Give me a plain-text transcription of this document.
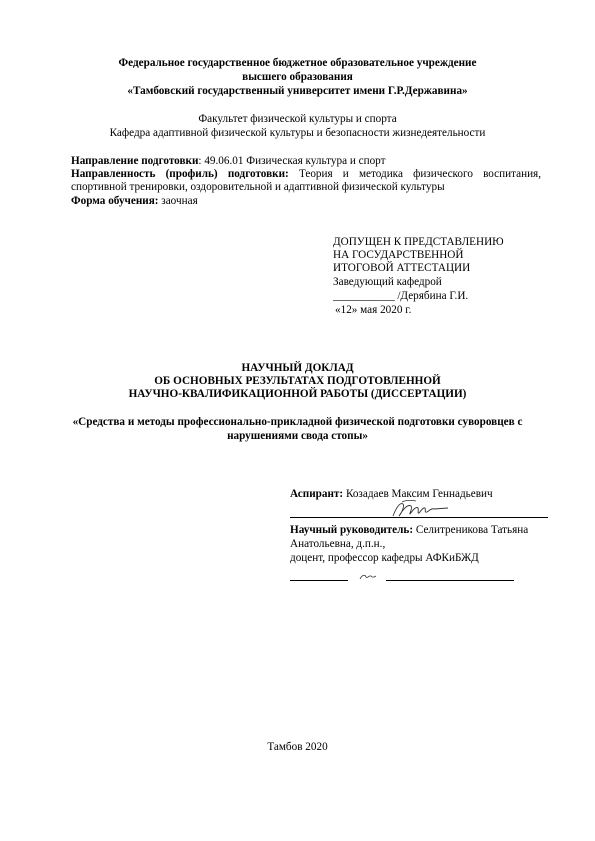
Федеральное государственное бюджетное образовательное учреждение
высшего образования
«Тамбовский государственный университет имени Г.Р.Державина»
Факультет физической культуры и спорта
Кафедра адаптивной физической культуры и безопасности жизнедеятельности
Направление подготовки: 49.06.01 Физическая культура и спорт
Направленность (профиль) подготовки: Теория и методика физического воспитания,
спортивной тренировки, оздоровительной и адаптивной физической культуры
Форма обучения: заочная
ДОПУЩЕН К ПРЕДСТАВЛЕНИЮ
НА ГОСУДАРСТВЕННОЙ
ИТОГОВОЙ АТТЕСТАЦИИ
Заведующий кафедрой
___________ /Дерябина Г.И.
«12» мая 2020 г.
НАУЧНЫЙ ДОКЛАД
ОБ ОСНОВНЫХ РЕЗУЛЬТАТАХ ПОДГОТОВЛЕННОЙ
НАУЧНО-КВАЛИФИКАЦИОННОЙ РАБОТЫ (ДИССЕРТАЦИИ)
«Средства и методы профессионально-прикладной физической подготовки суворовцев с
нарушениями свода стопы»
Аспирант: Козадаев Максим Геннадьевич
Научный руководитель: Селитреникова Татьяна
Анатольевна, д.п.н.,
доцент, профессор кафедры АФКиБЖД
Тамбов 2020
